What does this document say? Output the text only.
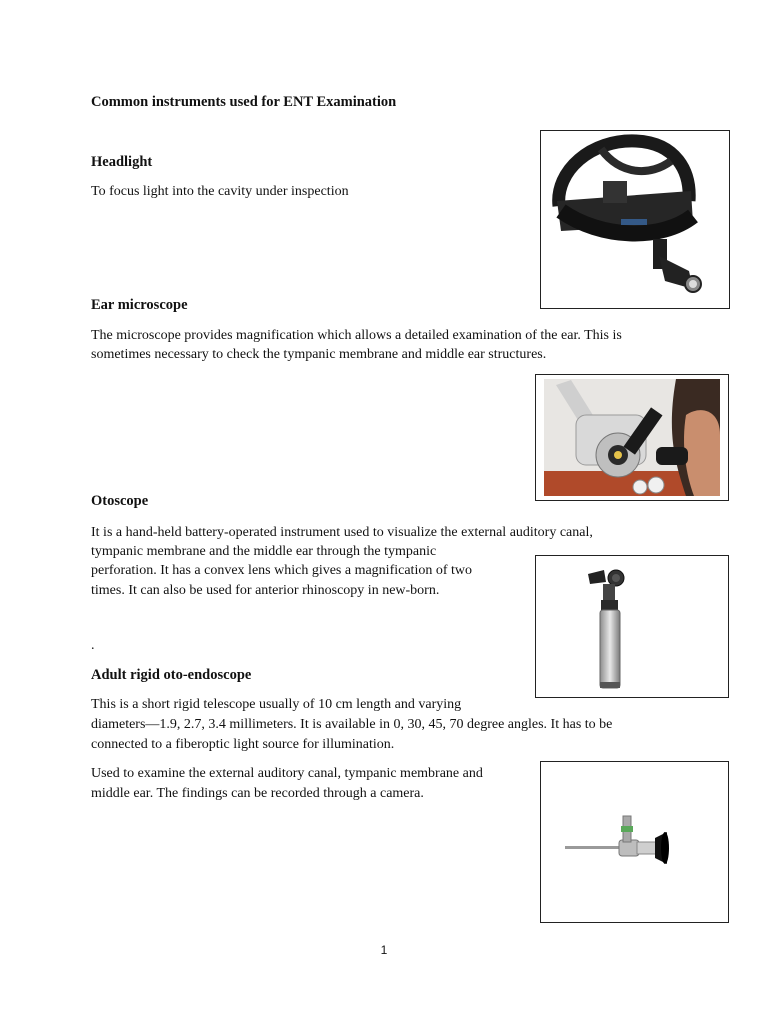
Common instruments used for ENT Examination
Headlight
To focus light into the cavity under inspection
Ear microscope
The microscope provides magnification which allows a detailed examination of the ear. This is
sometimes necessary to check the tympanic membrane and middle ear structures.
Otoscope
It is a hand-held battery-operated instrument used to visualize the external auditory canal,
tympanic membrane and the middle ear through the tympanic
perforation. It has a convex lens which gives a magnification of two
times. It can also be used for anterior rhinoscopy in new-born.
.
Adult rigid oto-endoscope
This is a short rigid telescope usually of 10 cm length and varying
diameters—1.9, 2.7, 3.4 millimeters. It is available in 0, 30, 45, 70 degree angles. It has to be
connected to a fiberoptic light source for illumination.
Used to examine the external auditory canal, tympanic membrane and
middle ear. The findings can be recorded through a camera.
1
